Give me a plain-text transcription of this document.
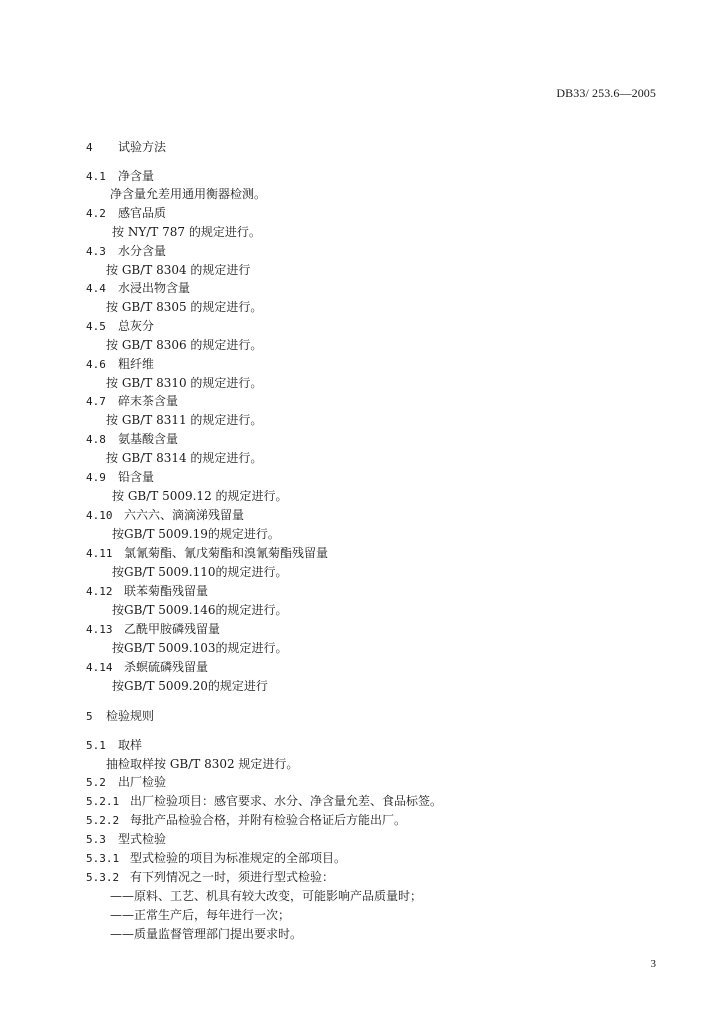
DB33/ 253.6—2005
4 试验方法
4.1 净含量
净含量允差用通用衡器检测。
4.2 感官品质
按 NY/T 787 的规定进行。
4.3 水分含量
按 GB/T 8304 的规定进行
4.4 水浸出物含量
按 GB/T 8305 的规定进行。
4.5 总灰分
按 GB/T 8306 的规定进行。
4.6 粗纤维
按 GB/T 8310 的规定进行。
4.7 碎末茶含量
按 GB/T 8311 的规定进行。
4.8 氨基酸含量
按 GB/T 8314 的规定进行。
4.9 铅含量
按 GB/T 5009.12 的规定进行。
4.10 六六六、滴滴涕残留量
按GB/T 5009.19的规定进行。
4.11 氯氰菊酯、氰戊菊酯和溴氰菊酯残留量
按GB/T 5009.110的规定进行。
4.12 联苯菊酯残留量
按GB/T 5009.146的规定进行。
4.13 乙酰甲胺磷残留量
按GB/T 5009.103的规定进行。
4.14 杀螟硫磷残留量
按GB/T 5009.20的规定进行
5 检验规则
5.1 取样
抽检取样按 GB/T 8302 规定进行。
5.2 出厂检验
5.2.1 出厂检验项目：感官要求、水分、净含量允差、食品标签。
5.2.2 每批产品检验合格，并附有检验合格证后方能出厂。
5.3 型式检验
5.3.1 型式检验的项目为标准规定的全部项目。
5.3.2 有下列情况之一时，须进行型式检验：
——原料、工艺、机具有较大改变，可能影响产品质量时；
——正常生产后，每年进行一次；
——质量监督管理部门提出要求时。
3
